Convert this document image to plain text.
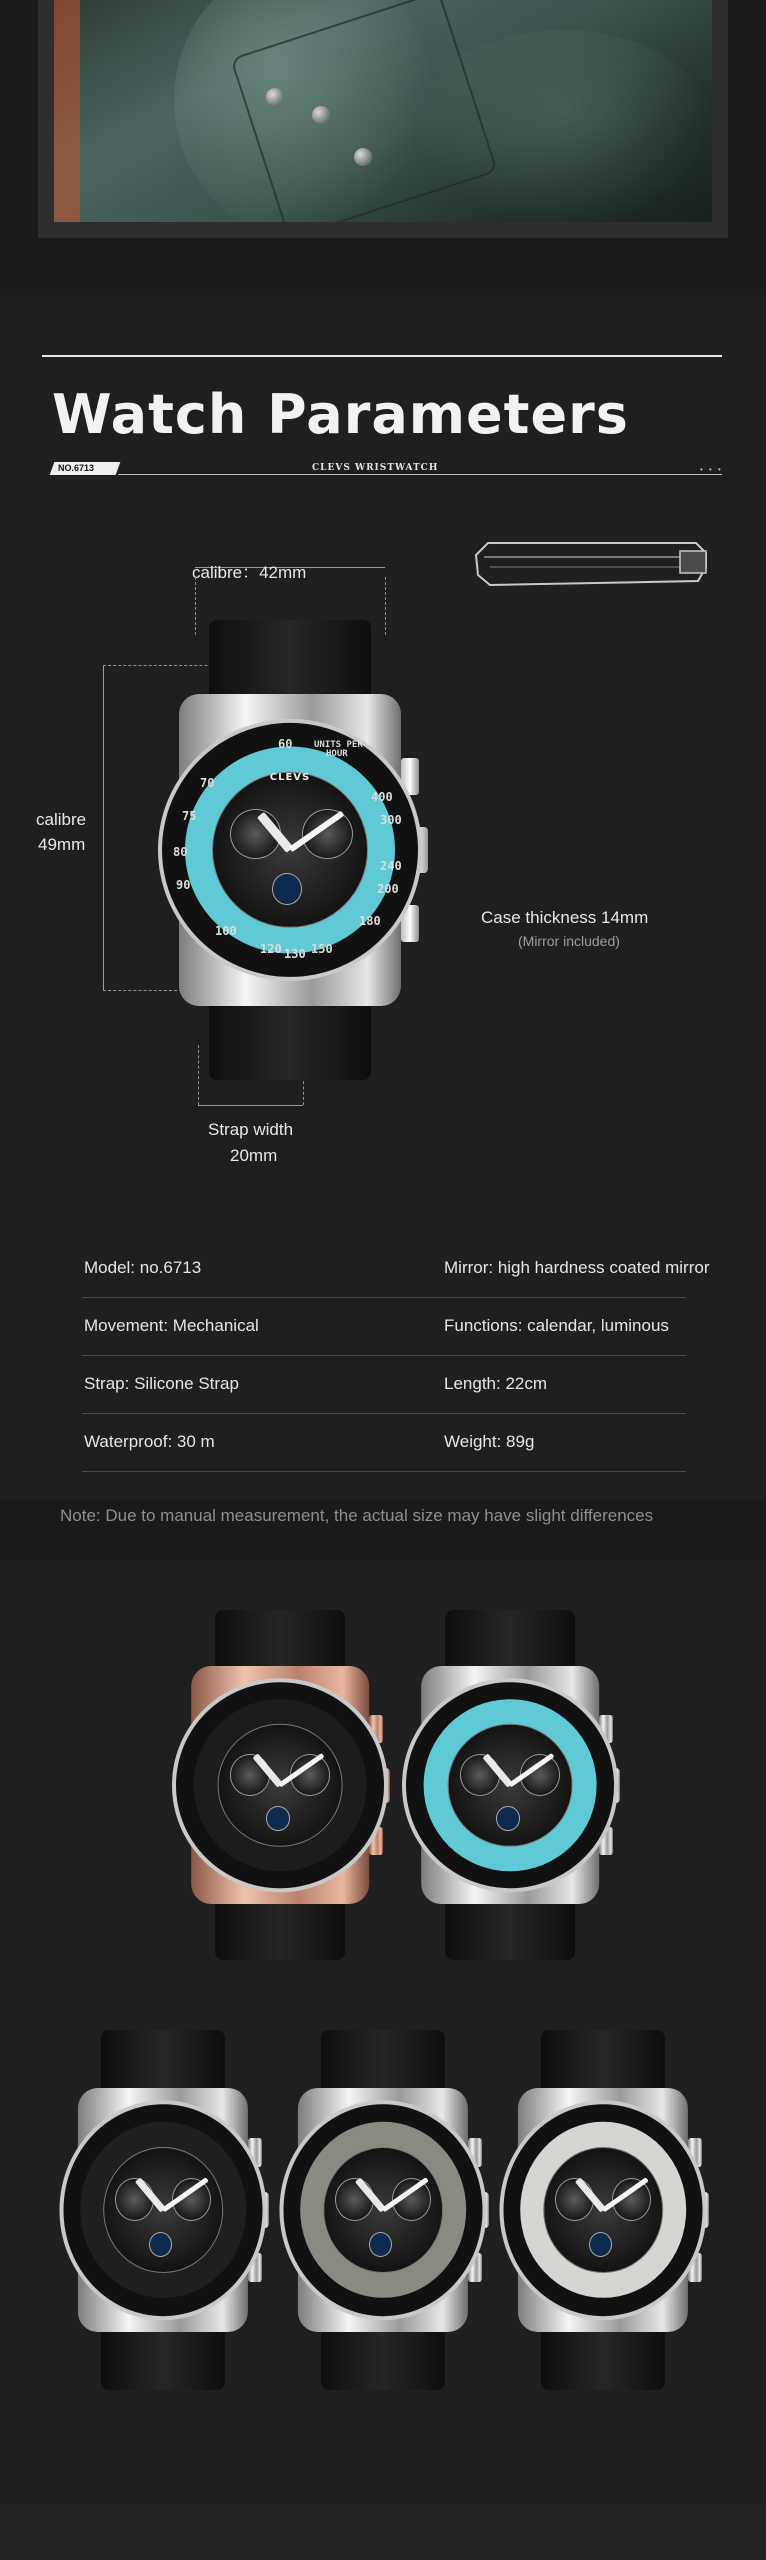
Watch Parameters
NO.6713	CLEVS WRISTWATCH	• • •
calibre：42mm
calibre
49mm
Strap width
20mm
CLEVS
60 UNITS PER
HOUR
400
300
240
200
180
150
130
120
100
90
80
75
70
Case thickness 14mm
(Mirror included)
Model: no.6713	Mirror: high hardness coated mirror
Movement: Mechanical	Functions: calendar, luminous
Strap: Silicone Strap	Length: 22cm
Waterproof: 30 m	Weight: 89g
Note: Due to manual measurement, the actual size may have slight differences
